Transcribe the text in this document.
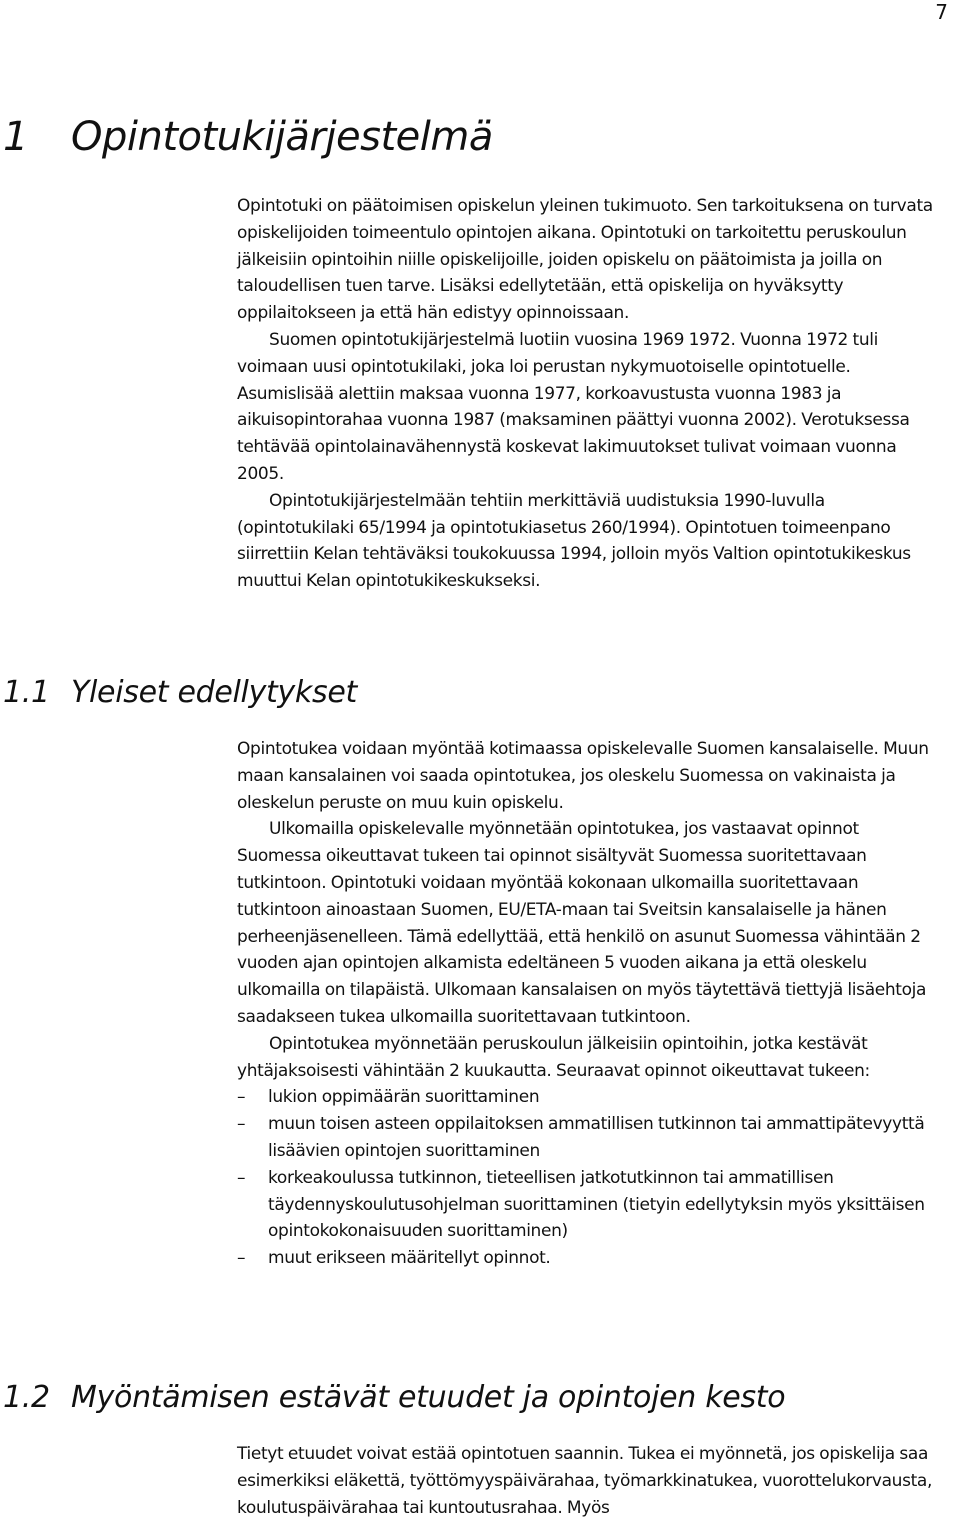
7
1 Opintotukijärjestelmä

Opintotuki on päätoimisen opiskelun yleinen tukimuoto. Sen tarkoituksena on turvata opiskelijoiden toimeentulo opintojen aikana. Opintotuki on tarkoitettu peruskoulun jälkeisiin opintoihin niille opiskelijoille, joiden opiskelu on päätoimista ja joilla on taloudellisen tuen tarve. Lisäksi edellytetään, että opiskelija on hyväksytty oppilaitokseen ja että hän edistyy opinnoissaan.

Suomen opintotukijärjestelmä luotiin vuosina 1969 1972. Vuonna 1972 tuli voimaan uusi opintotukilaki, joka loi perustan nykymuotoiselle opintotuelle. Asumislisää alettiin maksaa vuonna 1977, korkoavustusta vuonna 1983 ja aikuisopintorahaa vuonna 1987 (maksaminen päättyi vuonna 2002). Verotuksessa tehtävää opintolainavähennystä koskevat lakimuutokset tulivat voimaan vuonna 2005.

Opintotukijärjestelmään tehtiin merkittäviä uudistuksia 1990-luvulla (opintotukilaki 65/1994 ja opintotukiasetus 260/1994). Opintotuen toimeenpano siirrettiin Kelan tehtäväksi toukokuussa 1994, jolloin myös Valtion opintotukikeskus muuttui Kelan opintotukikeskukseksi.

1.1 Yleiset edellytykset

Opintotukea voidaan myöntää kotimaassa opiskelevalle Suomen kansalaiselle. Muun maan kansalainen voi saada opintotukea, jos oleskelu Suomessa on vakinaista ja oleskelun peruste on muu kuin opiskelu.

Ulkomailla opiskelevalle myönnetään opintotukea, jos vastaavat opinnot Suomessa oikeuttavat tukeen tai opinnot sisältyvät Suomessa suoritettavaan tutkintoon. Opintotuki voidaan myöntää kokonaan ulkomailla suoritettavaan tutkintoon ainoastaan Suomen, EU/ETA-maan tai Sveitsin kansalaiselle ja hänen perheenjäsenelleen. Tämä edellyttää, että henkilö on asunut Suomessa vähintään 2 vuoden ajan opintojen alkamista edeltäneen 5 vuoden aikana ja että oleskelu ulkomailla on tilapäistä. Ulkomaan kansalaisen on myös täytettävä tiettyjä lisäehtoja saadakseen tukea ulkomailla suoritettavaan tutkintoon.

Opintotukea myönnetään peruskoulun jälkeisiin opintoihin, jotka kestävät yhtäjaksoisesti vähintään 2 kuukautta. Seuraavat opinnot oikeuttavat tukeen:

– lukion oppimäärän suorittaminen
– muun toisen asteen oppilaitoksen ammatillisen tutkinnon tai ammattipätevyyttä lisäävien opintojen suorittaminen
– korkeakoulussa tutkinnon, tieteellisen jatkotutkinnon tai ammatillisen täydennyskoulutusohjelman suorittaminen (tietyin edellytyksin myös yksittäisen opintokokonaisuuden suorittaminen)
– muut erikseen määritellyt opinnot.
1.2 Myöntämisen estävät etuudet ja opintojen kesto

Tietyt etuudet voivat estää opintotuen saannin. Tukea ei myönnetä, jos opiskelija saa esimerkiksi eläkettä, työttömyyspäivärahaa, työmarkkinatukea, vuorottelukorvausta, koulutuspäivärahaa tai kuntoutusrahaa. Myös
